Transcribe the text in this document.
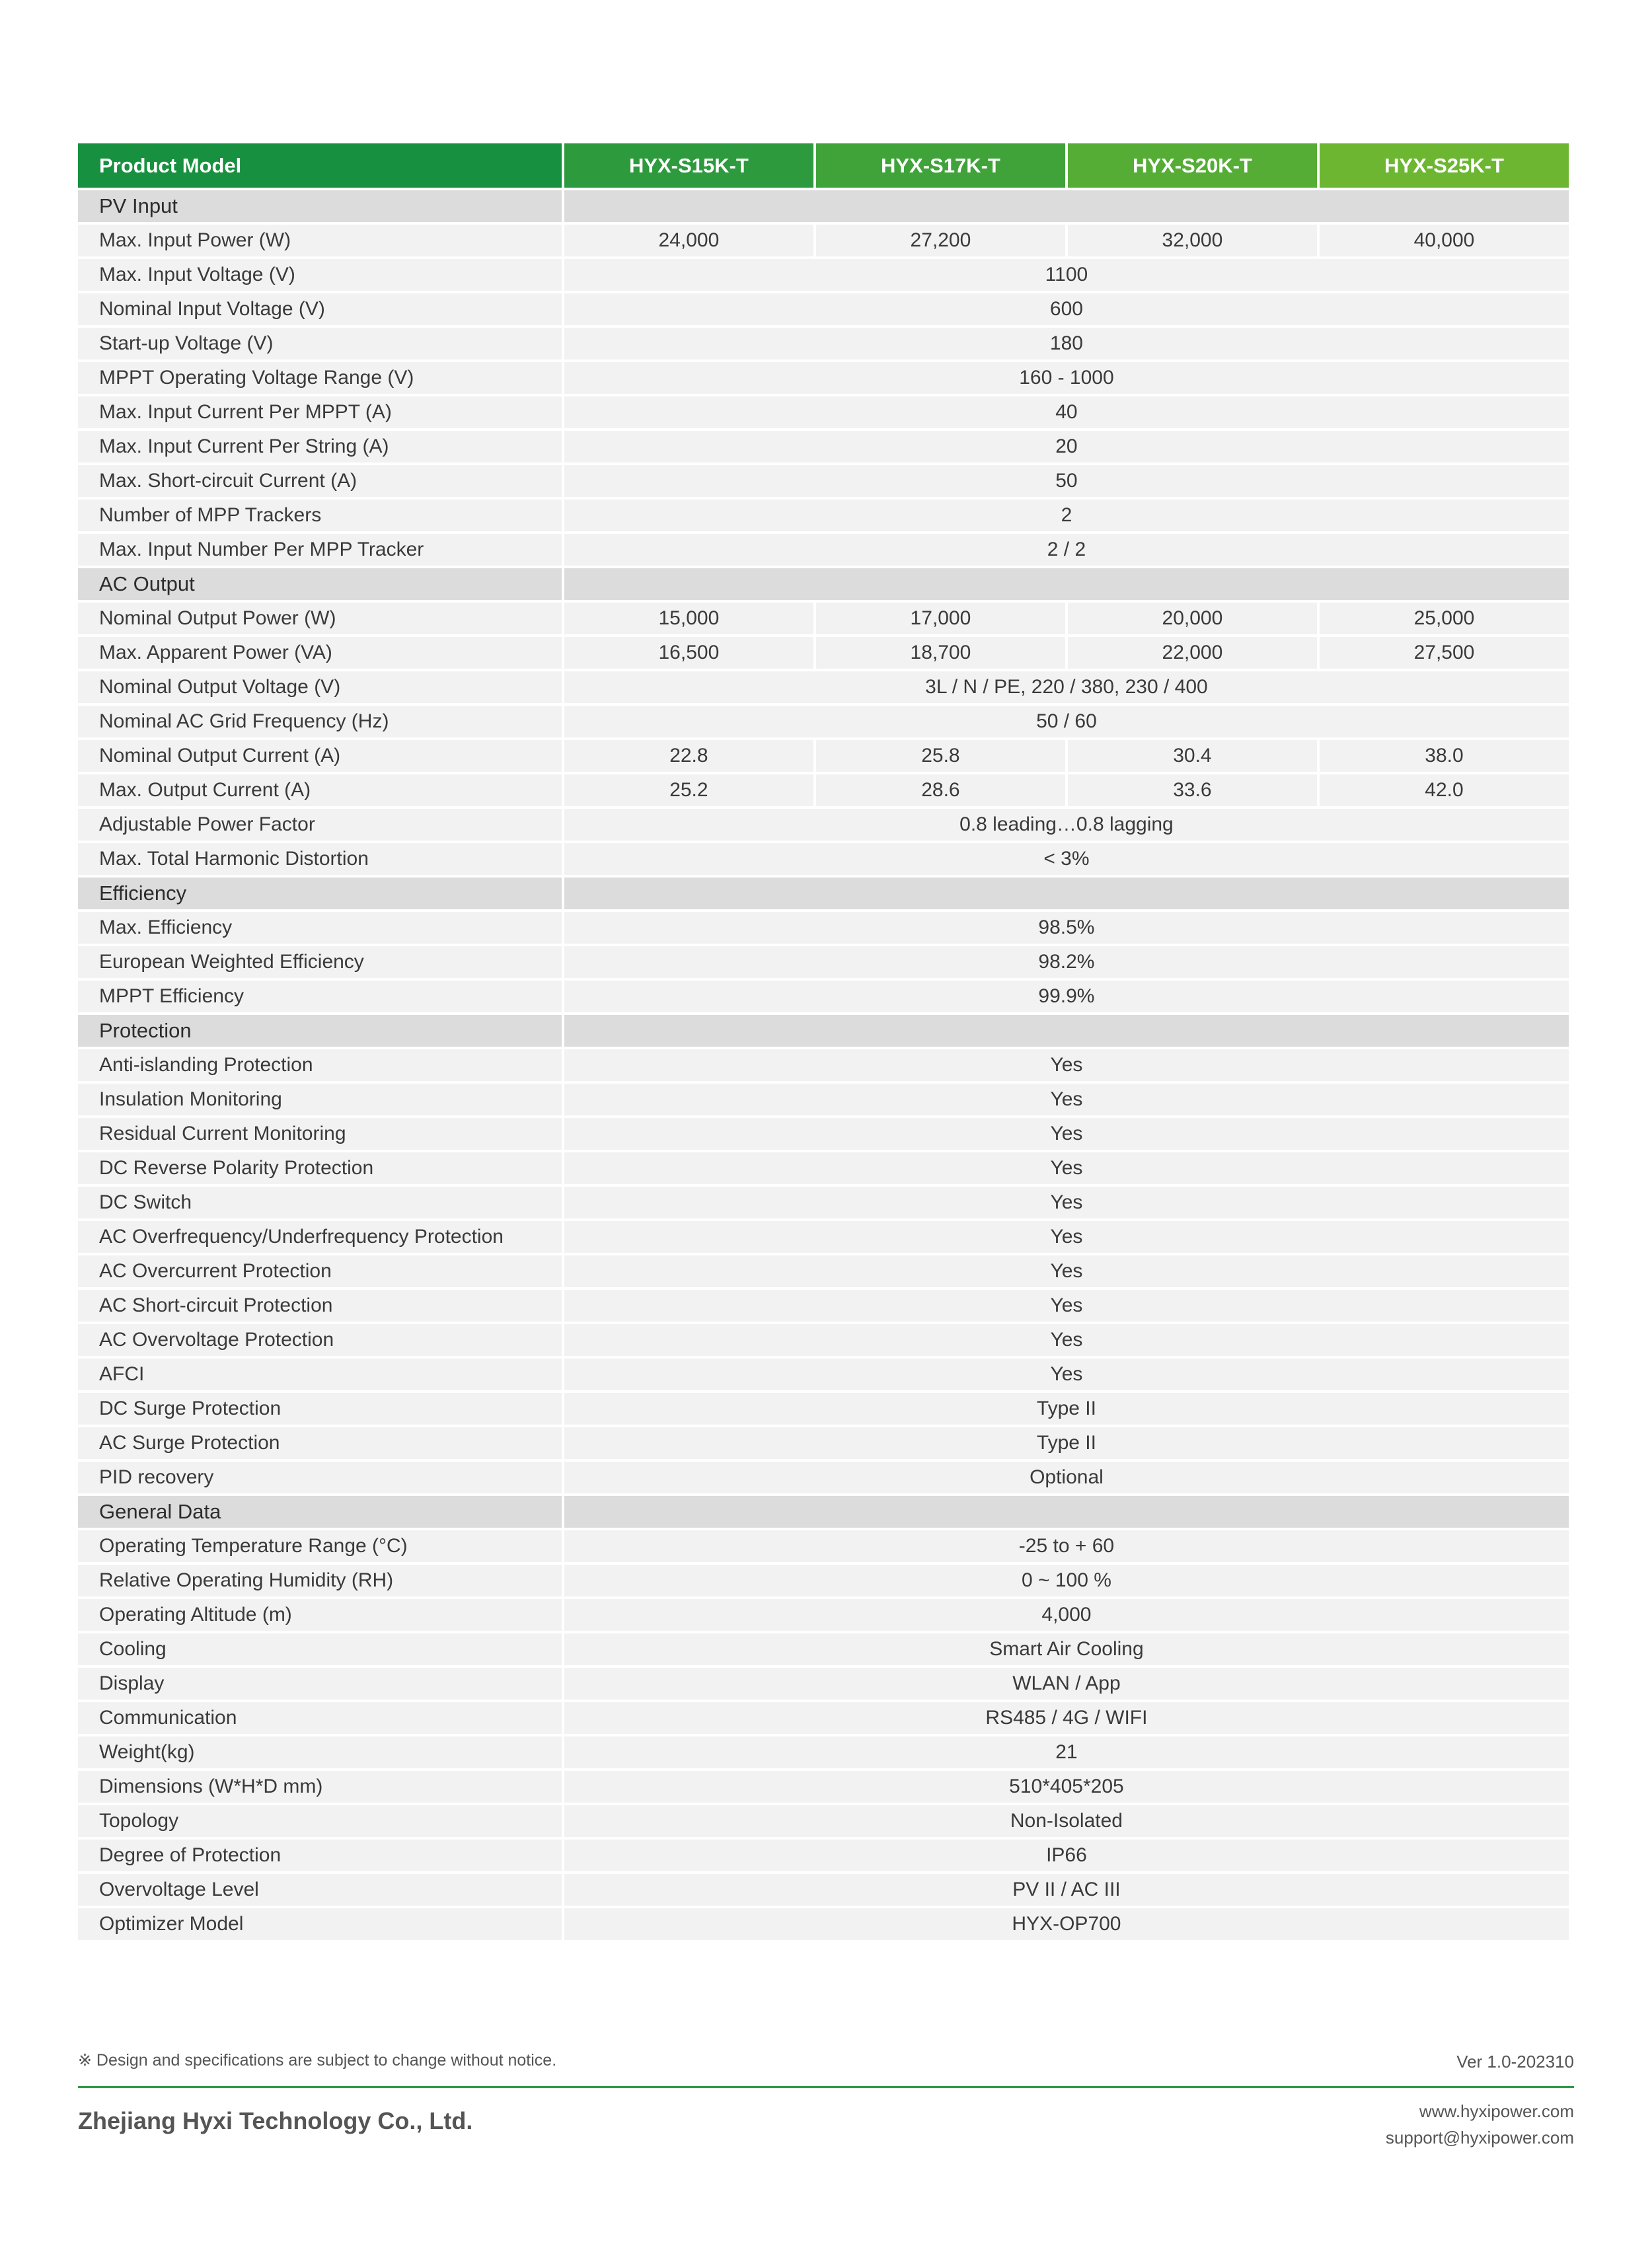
Product Model	HYX-S15K-T	HYX-S17K-T	HYX-S20K-T	HYX-S25K-T
PV Input				
Max. Input Power (W)	24,000	27,200	32,000	40,000
Max. Input Voltage (V)	1100			
Nominal Input Voltage (V)	600			
Start-up Voltage (V)	180			
MPPT Operating Voltage Range (V)	160 - 1000			
Max. Input Current Per MPPT (A)	40			
Max. Input Current Per String (A)	20			
Max. Short-circuit Current (A)	50			
Number of MPP Trackers	2			
Max. Input Number Per MPP Tracker	2 / 2			
AC Output				
Nominal Output Power (W)	15,000	17,000	20,000	25,000
Max. Apparent Power (VA)	16,500	18,700	22,000	27,500
Nominal Output Voltage (V)	3L / N / PE, 220 / 380, 230 / 400			
Nominal AC Grid Frequency (Hz)	50 / 60			
Nominal Output Current (A)	22.8	25.8	30.4	38.0
Max. Output Current (A)	25.2	28.6	33.6	42.0
Adjustable Power Factor	0.8 leading…0.8 lagging			
Max. Total Harmonic Distortion	< 3%			
Efficiency				
Max. Efficiency	98.5%			
European Weighted Efficiency	98.2%			
MPPT Efficiency	99.9%			
Protection				
Anti-islanding Protection	Yes			
Insulation Monitoring	Yes			
Residual Current Monitoring	Yes			
DC Reverse Polarity Protection	Yes			
DC Switch	Yes			
AC Overfrequency/Underfrequency Protection	Yes			
AC Overcurrent Protection	Yes			
AC Short-circuit Protection	Yes			
AC Overvoltage Protection	Yes			
AFCI	Yes			
DC Surge Protection	Type II			
AC Surge Protection	Type II			
PID recovery	Optional			
General Data				
Operating Temperature Range (°C)	-25 to + 60			
Relative Operating Humidity (RH)	0 ~ 100 %			
Operating Altitude (m)	4,000			
Cooling	Smart Air Cooling			
Display	WLAN / App			
Communication	RS485 / 4G / WIFI			
Weight(kg)	21			
Dimensions (W*H*D mm)	510*405*205			
Topology	Non-Isolated			
Degree of Protection	IP66			
Overvoltage Level	PV II / AC III			
Optimizer Model	HYX-OP700			
※ Design and specifications are subject to change without notice.	Ver 1.0-202310
Zhejiang Hyxi Technology Co., Ltd.	www.hyxipower.com
support@hyxipower.com
